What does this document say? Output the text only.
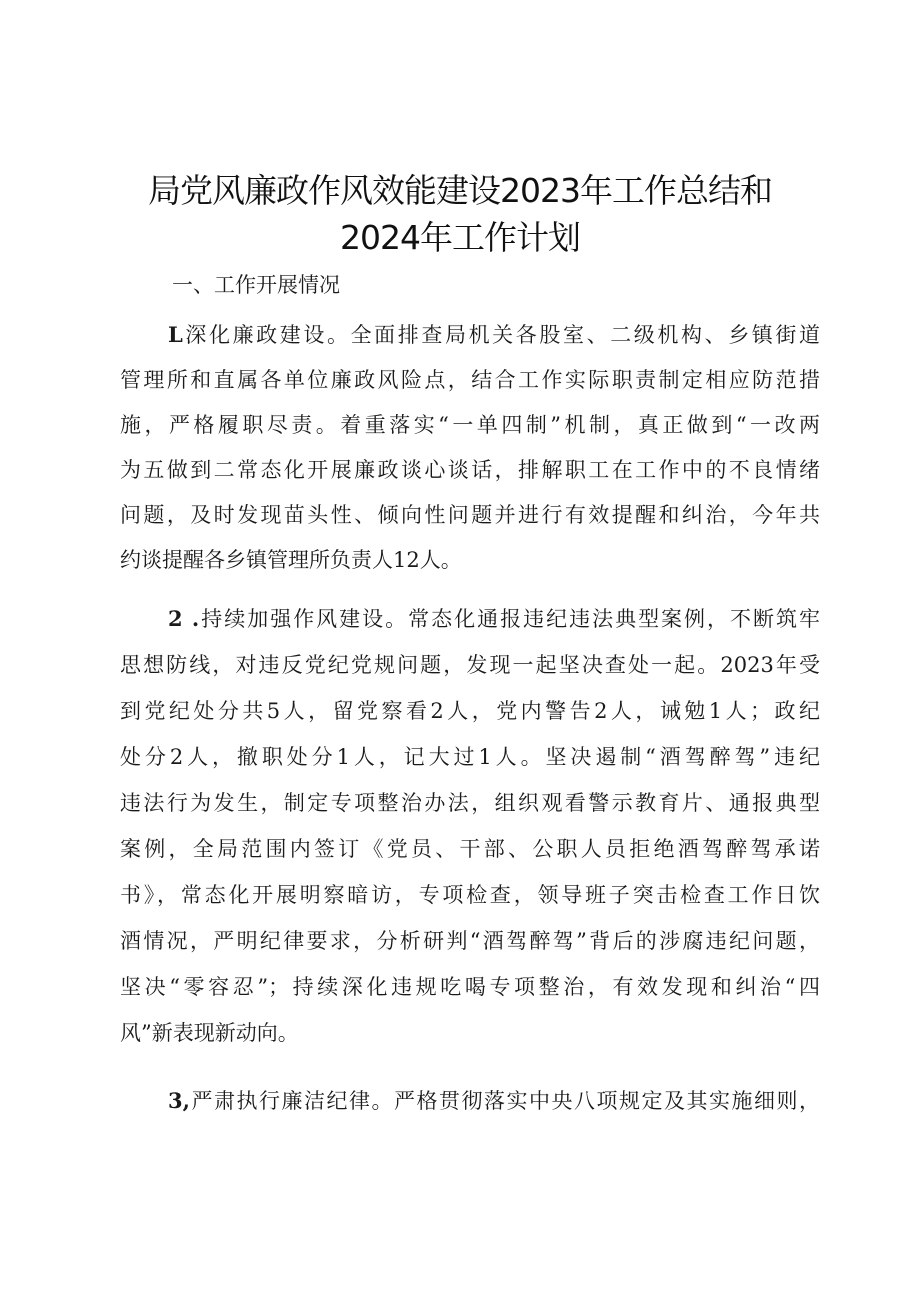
局党风廉政作风效能建设2023年工作总结和
2024年工作计划
一、工作开展情况
L深化廉政建设。全面排查局机关各股室、二级机构、乡镇街道
管理所和直属各单位廉政风险点，结合工作实际职责制定相应防范措
施，严格履职尽责。着重落实“一单四制”机制，真正做到“一改两
为五做到二常态化开展廉政谈心谈话，排解职工在工作中的不良情绪
问题，及时发现苗头性、倾向性问题并进行有效提醒和纠治，今年共
约谈提醒各乡镇管理所负责人12人。
2 .持续加强作风建设。常态化通报违纪违法典型案例，不断筑牢
思想防线，对违反党纪党规问题，发现一起坚决查处一起。2023年受
到党纪处分共5人，留党察看2人，党内警告2人，诫勉1人；政纪
处分2人，撤职处分1人，记大过1人。坚决遏制“酒驾醉驾”违纪
违法行为发生，制定专项整治办法，组织观看警示教育片、通报典型
案例，全局范围内签订《党员、干部、公职人员拒绝酒驾醉驾承诺
书》，常态化开展明察暗访，专项检查，领导班子突击检查工作日饮
酒情况，严明纪律要求，分析研判“酒驾醉驾”背后的涉腐违纪问题，
坚决“零容忍”；持续深化违规吃喝专项整治，有效发现和纠治“四
风”新表现新动向。
3,严肃执行廉洁纪律。严格贯彻落实中央八项规定及其实施细则，
